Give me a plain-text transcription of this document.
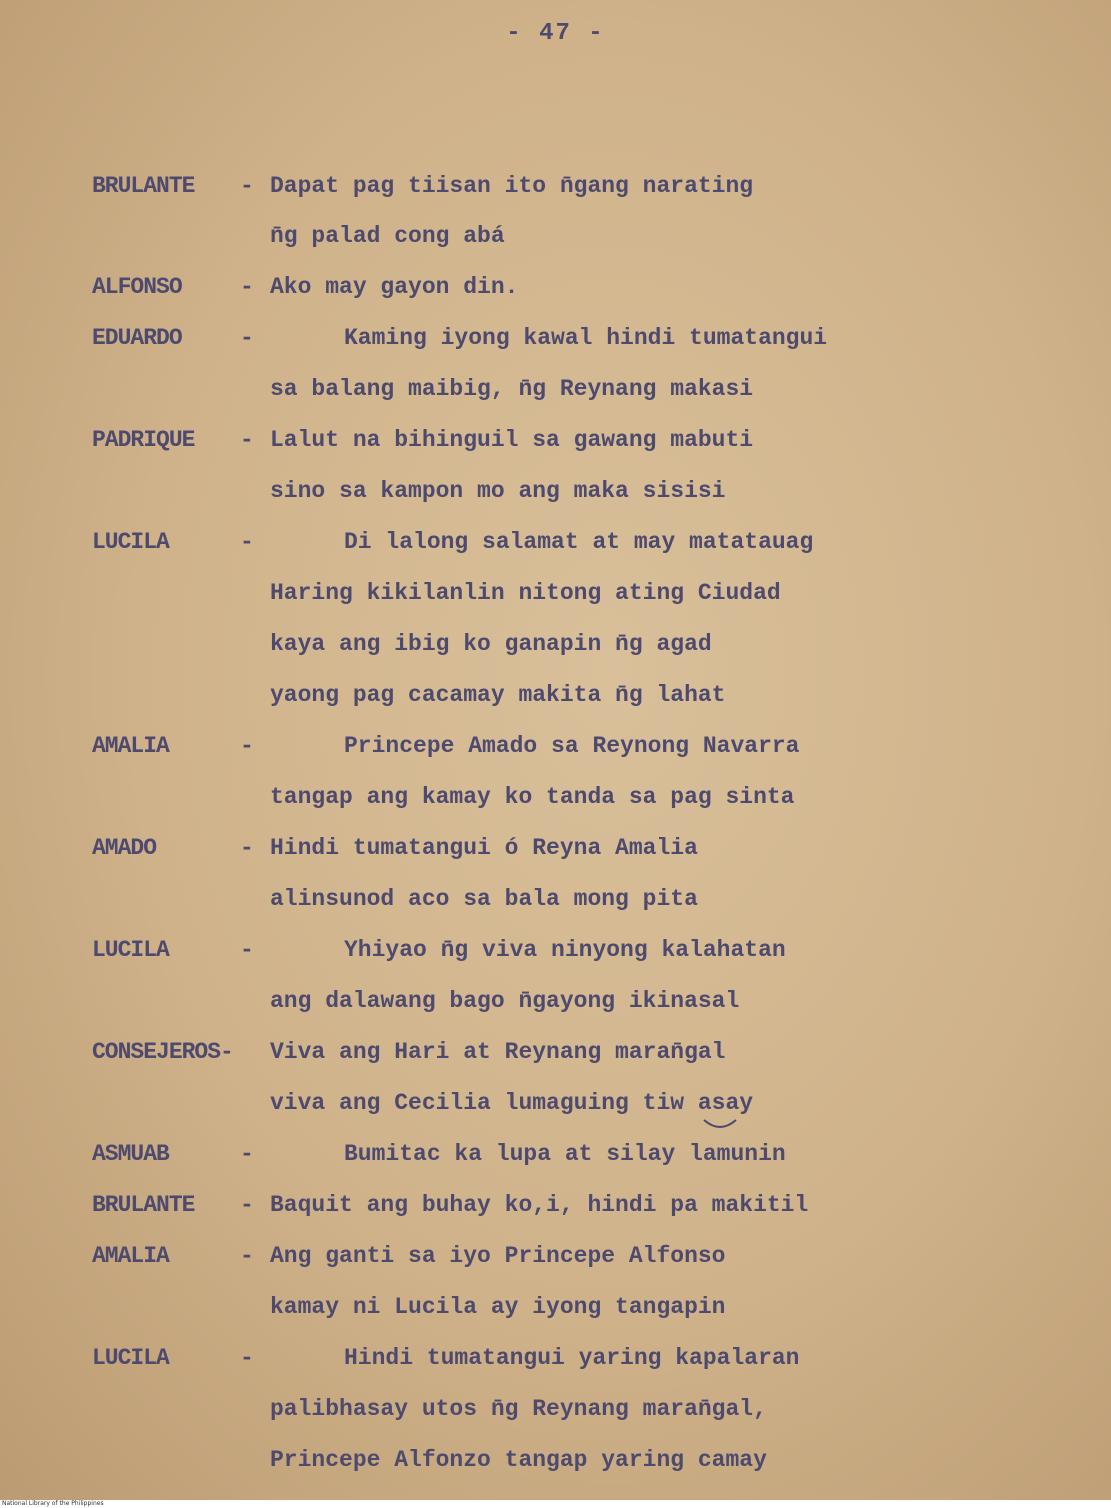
- 47 -
BRULANTE - Dapat pag tiisan ito n̄gang narating
n̄g palad cong abá
ALFONSO	- Ako may gayon din.
EDUARDO	-	Kaming iyong kawal hindi tumatangui
sa balang maibig, n̄g Reynang makasi
PADRIQUE - Lalut na bihinguil sa gawang mabuti
sino sa kampon mo ang maka sisisi
LUCILA	-	Di lalong salamat at may matatauag
Haring kikilanlin nitong ating Ciudad
kaya ang ibig ko ganapin n̄g agad
yaong pag cacamay makita n̄g lahat
AMALIA	-	Princepe Amado sa Reynong Navarra
tangap ang kamay ko tanda sa pag sinta
AMADO	- Hindi tumatangui ó Reyna Amalia
alinsunod aco sa bala mong pita
LUCILA	-	Yhiyao n̄g viva ninyong kalahatan
ang dalawang bago n̄gayong ikinasal
CONSEJEROS- Viva ang Hari at Reynang maran̄gal
viva ang Cecilia lumaguing tiw asay
ASMUAB	-	Bumitac ka lupa at silay lamunin
BRULANTE - Baquit ang buhay ko,i, hindi pa makitil
AMALIA	- Ang ganti sa iyo Princepe Alfonso
kamay ni Lucila ay iyong tangapin
LUCILA	-	Hindi tumatangui yaring kapalaran
palibhasay utos n̄g Reynang maran̄gal,
Princepe Alfonzo tangap yaring camay
National Library of the Philippines
